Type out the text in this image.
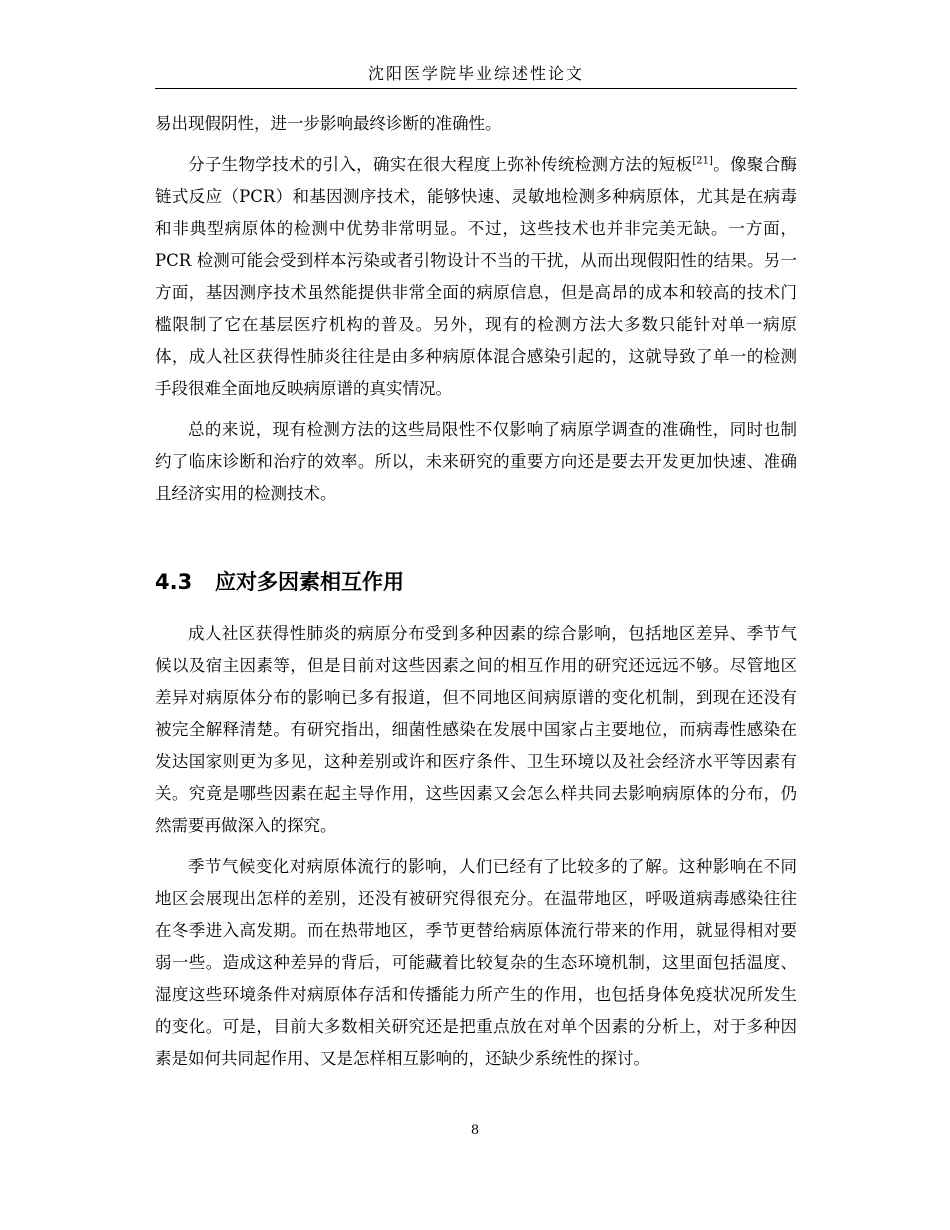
沈阳医学院毕业综述性论文

易出现假阴性，进一步影响最终诊断的准确性。

分子生物学技术的引入，确实在很大程度上弥补传统检测方法的短板[21]。像聚合酶链式反应（PCR）和基因测序技术，能够快速、灵敏地检测多种病原体，尤其是在病毒和非典型病原体的检测中优势非常明显。不过，这些技术也并非完美无缺。一方面，PCR 检测可能会受到样本污染或者引物设计不当的干扰，从而出现假阳性的结果。另一方面，基因测序技术虽然能提供非常全面的病原信息，但是高昂的成本和较高的技术门槛限制了它在基层医疗机构的普及。另外，现有的检测方法大多数只能针对单一病原体，成人社区获得性肺炎往往是由多种病原体混合感染引起的，这就导致了单一的检测手段很难全面地反映病原谱的真实情况。

总的来说，现有检测方法的这些局限性不仅影响了病原学调查的准确性，同时也制约了临床诊断和治疗的效率。所以，未来研究的重要方向还是要去开发更加快速、准确且经济实用的检测技术。

4.3 应对多因素相互作用

成人社区获得性肺炎的病原分布受到多种因素的综合影响，包括地区差异、季节气候以及宿主因素等，但是目前对这些因素之间的相互作用的研究还远远不够。尽管地区差异对病原体分布的影响已多有报道，但不同地区间病原谱的变化机制，到现在还没有被完全解释清楚。有研究指出，细菌性感染在发展中国家占主要地位，而病毒性感染在发达国家则更为多见，这种差别或许和医疗条件、卫生环境以及社会经济水平等因素有关。究竟是哪些因素在起主导作用，这些因素又会怎么样共同去影响病原体的分布，仍然需要再做深入的探究。

季节气候变化对病原体流行的影响，人们已经有了比较多的了解。这种影响在不同地区会展现出怎样的差别，还没有被研究得很充分。在温带地区，呼吸道病毒感染往往在冬季进入高发期。而在热带地区，季节更替给病原体流行带来的作用，就显得相对要弱一些。造成这种差异的背后，可能藏着比较复杂的生态环境机制，这里面包括温度、湿度这些环境条件对病原体存活和传播能力所产生的作用，也包括身体免疫状况所发生的变化。可是，目前大多数相关研究还是把重点放在对单个因素的分析上，对于多种因素是如何共同起作用、又是怎样相互影响的，还缺少系统性的探讨。

8
